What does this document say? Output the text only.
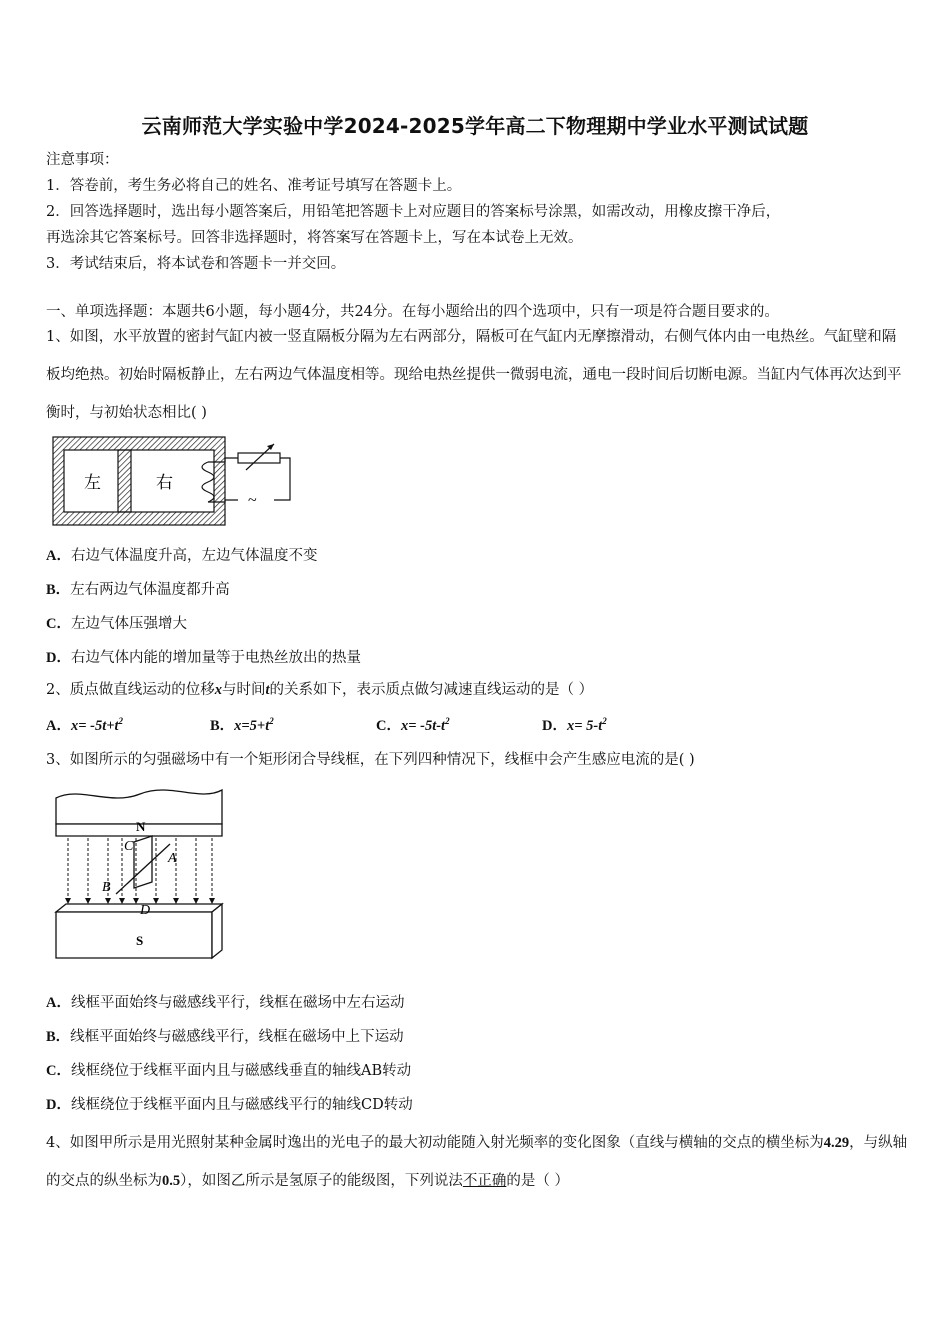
云南师范大学实验中学2024-2025学年高二下物理期中学业水平测试试题
注意事项：
1．答卷前，考生务必将自己的姓名、准考证号填写在答题卡上。
2．回答选择题时，选出每小题答案后，用铅笔把答题卡上对应题目的答案标号涂黑，如需改动，用橡皮擦干净后，
再选涂其它答案标号。回答非选择题时，将答案写在答题卡上，写在本试卷上无效。
3．考试结束后，将本试卷和答题卡一并交回。
一、单项选择题：本题共6小题，每小题4分，共24分。在每小题给出的四个选项中，只有一项是符合题目要求的。
1、如图，水平放置的密封气缸内被一竖直隔板分隔为左右两部分，隔板可在气缸内无摩擦滑动，右侧气体内由一电热丝。气缸壁和隔板均绝热。初始时隔板静止，左右两边气体温度相等。现给电热丝提供一微弱电流，通电一段时间后切断电源。当缸内气体再次达到平衡时，与初始状态相比( )
左	右
~
A．右边气体温度升高，左边气体温度不变
B．左右两边气体温度都升高
C．左边气体压强增大
D．右边气体内能的增加量等于电热丝放出的热量
2、质点做直线运动的位移x与时间t的关系如下，表示质点做匀减速直线运动的是（ ）
A．$x= -5t+t^2$	B．$x=5+t^2$	C．$x= -5t-t^2$	D．$x= 5-t^2$
3、如图所示的匀强磁场中有一个矩形闭合导线框，在下列四种情况下，线框中会产生感应电流的是( )
N
S
C
A
B
D
A．线框平面始终与磁感线平行，线框在磁场中左右运动
B．线框平面始终与磁感线平行，线框在磁场中上下运动
C．线框绕位于线框平面内且与磁感线垂直的轴线AB转动
D．线框绕位于线框平面内且与磁感线平行的轴线CD转动
4、如图甲所示是用光照射某种金属时逸出的光电子的最大初动能随入射光频率的变化图象（直线与横轴的交点的横坐标为4.29，与纵轴的交点的纵坐标为0.5），如图乙所示是氢原子的能级图，下列说法不正确的是（ ）
